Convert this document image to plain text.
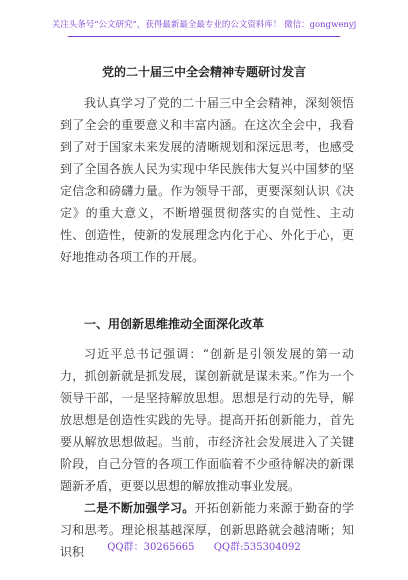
关注头条号“公文研究”，获得最新最全最专业的公文资料库！ 微信：gongwenyj
党的二十届三中全会精神专题研讨发言

我认真学习了党的二十届三中全会精神，深刻领悟到了全会的重要意义和丰富内涵。在这次全会中，我看到了对于国家未来发展的清晰规划和深远思考，也感受到了全国各族人民为实现中华民族伟大复兴中国梦的坚定信念和磅礴力量。作为领导干部，更要深刻认识《决定》的重大意义，不断增强贯彻落实的自觉性、主动性、创造性，使新的发展理念内化于心、外化于心，更好地推动各项工作的开展。

一、用创新思维推动全面深化改革

习近平总书记强调：“创新是引领发展的第一动力，抓创新就是抓发展，谋创新就是谋未来。”作为一个领导干部，一是坚持解放思想。思想是行动的先导，解放思想是创造性实践的先导。提高开拓创新能力，首先要从解放思想做起。当前，市经济社会发展进入了关键阶段，自己分管的各项工作面临着不少亟待解决的新课题新矛盾，更要以思想的解放推动事业发展。

二是不断加强学习。开拓创新能力来源于勤奋的学习和思考。理论根基越深厚，创新思路就会越清晰；知识积	QQ群：30265665 QQ群:535304092
